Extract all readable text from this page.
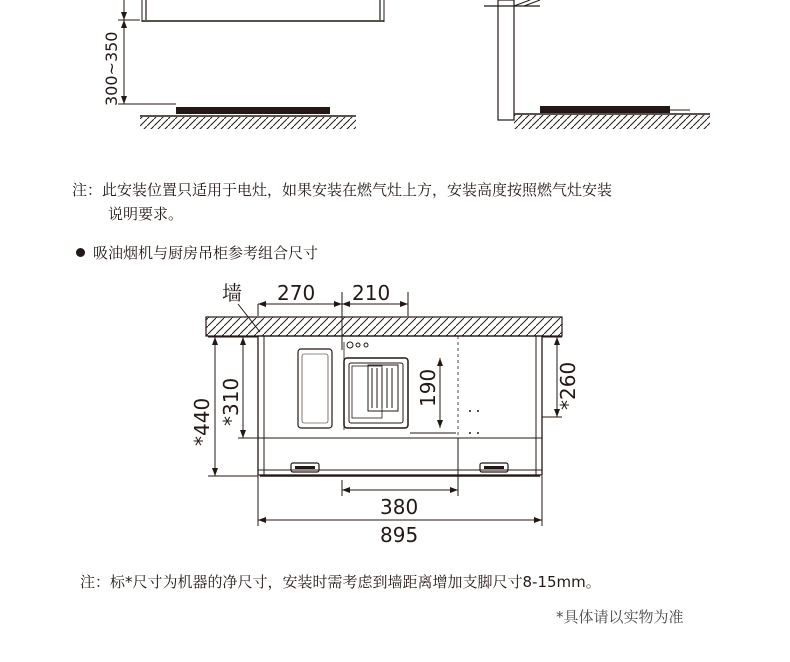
300~350
注：此安装位置只适用于电灶，如果安装在燃气灶上方，安装高度按照燃气灶安装
说明要求。
吸油烟机与厨房吊柜参考组合尺寸
墙 270 210
*440 *310	190	*260
380
895
注：标*尺寸为机器的净尺寸，安装时需考虑到墙距离增加支脚尺寸8-15mm。
*具体请以实物为准
